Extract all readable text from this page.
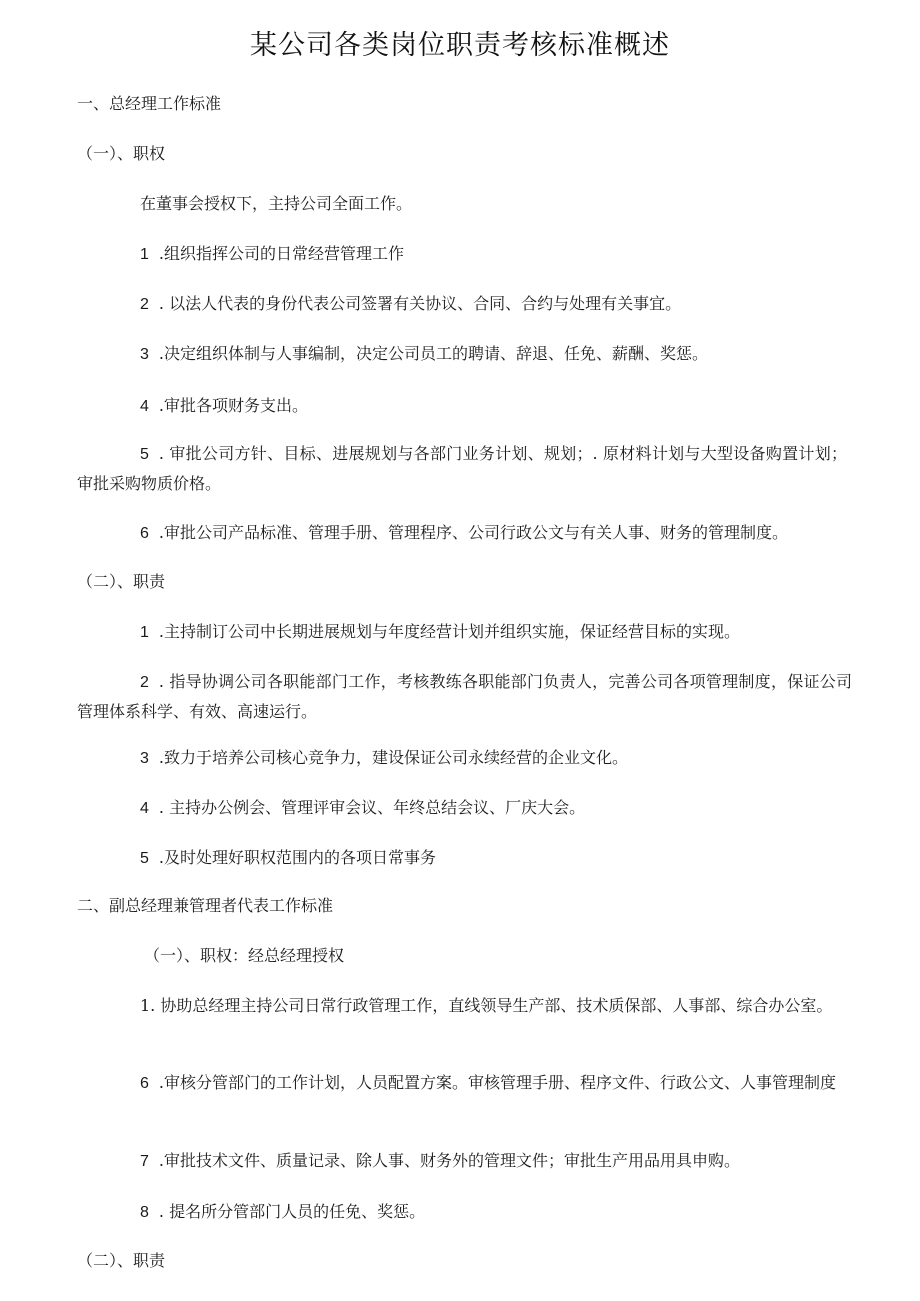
某公司各类岗位职责考核标准概述
一、总经理工作标准
（一）、职权
在董事会授权下，主持公司全面工作。
1 .组织指挥公司的日常经营管理工作
2 . 以法人代表的身份代表公司签署有关协议、合同、合约与处理有关事宜。
3 .决定组织体制与人事编制，决定公司员工的聘请、辞退、任免、薪酬、奖惩。
4 .审批各项财务支出。
5 . 审批公司方针、目标、进展规划与各部门业务计划、规划；. 原材料计划与大型设备购置计划；审批采购物质价格。
6 .审批公司产品标准、管理手册、管理程序、公司行政公文与有关人事、财务的管理制度。
（二）、职责
1 .主持制订公司中长期进展规划与年度经营计划并组织实施，保证经营目标的实现。
2 . 指导协调公司各职能部门工作，考核教练各职能部门负责人，完善公司各项管理制度，保证公司管理体系科学、有效、高速运行。
3 .致力于培养公司核心竞争力，建设保证公司永续经营的企业文化。
4 . 主持办公例会、管理评审会议、年终总结会议、厂庆大会。
5 .及时处理好职权范围内的各项日常事务
二、副总经理兼管理者代表工作标准
（一）、职权：经总经理授权
1. 协助总经理主持公司日常行政管理工作，直线领导生产部、技术质保部、人事部、综合办公室。
6 .审核分管部门的工作计划，人员配置方案。审核管理手册、程序文件、行政公文、人事管理制度
7 .审批技术文件、质量记录、除人事、财务外的管理文件；审批生产用品用具申购。
8 . 提名所分管部门人员的任免、奖惩。
（二）、职责
